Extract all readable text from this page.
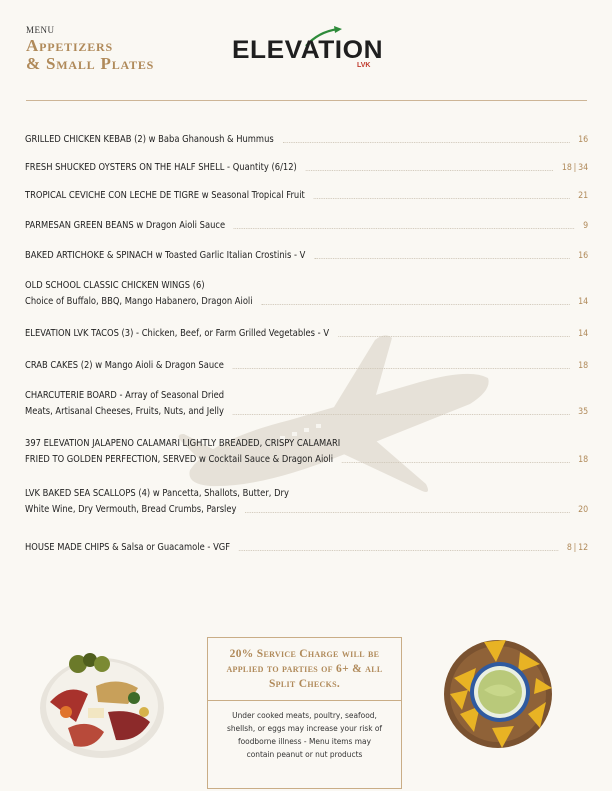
MENU
Appetizers
& Small Plates	ELEVATION
LVK
GRILLED CHICKEN KEBAB (2) w Baba Ghanoush & Hummus	16
FRESH SHUCKED OYSTERS ON THE HALF SHELL - Quantity (6/12)	18 | 34
TROPICAL CEVICHE CON LECHE DE TIGRE w Seasonal Tropical Fruit	21
PARMESAN GREEN BEANS w Dragon Aioli Sauce	9
BAKED ARTICHOKE & SPINACH w Toasted Garlic Italian Crostinis - V	16
OLD SCHOOL CLASSIC CHICKEN WINGS (6)
Choice of Buffalo, BBQ, Mango Habanero, Dragon Aioli	14
ELEVATION LVK TACOS (3) - Chicken, Beef, or Farm Grilled Vegetables - V	14
CRAB CAKES (2) w Mango Aioli & Dragon Sauce	18
CHARCUTERIE BOARD - Array of Seasonal Dried
Meats, Artisanal Cheeses, Fruits, Nuts, and Jelly	35
397 ELEVATION JALAPENO CALAMARI LIGHTLY BREADED, CRISPY CALAMARI
FRIED TO GOLDEN PERFECTION, SERVED w Cocktail Sauce & Dragon Aioli	18
LVK BAKED SEA SCALLOPS (4) w Pancetta, Shallots, Butter, Dry
White Wine, Dry Vermouth, Bread Crumbs, Parsley	20
HOUSE MADE CHIPS & Salsa or Guacamole - VGF	8 | 12
20% Service Charge will be applied to parties of 6+ & all Split Checks.
Under cooked meats, poultry, seafood, shellsh, or eggs may increase your risk of foodborne illness - Menu items may contain peanut or nut products
